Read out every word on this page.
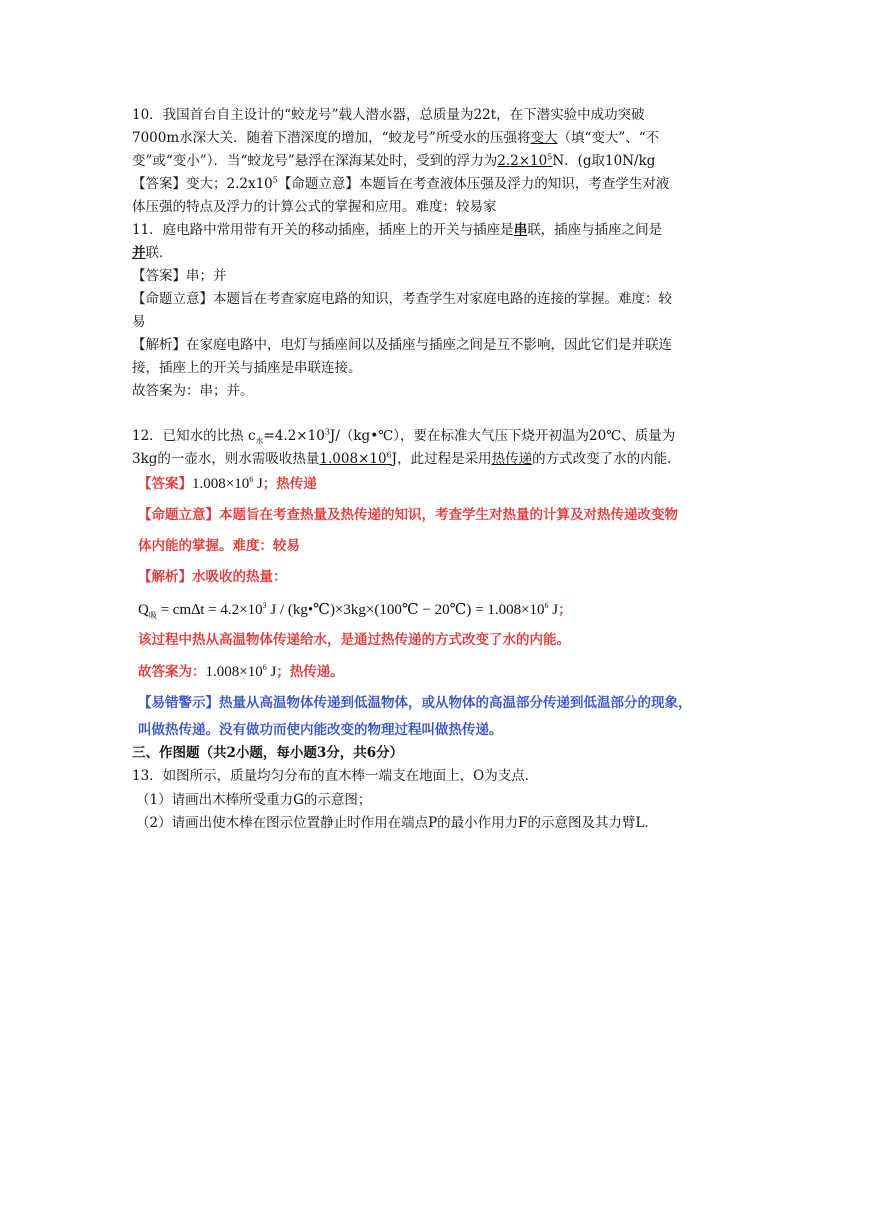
10．我国首台自主设计的“蛟龙号”载人潜水器，总质量为22t，在下潜实验中成功突破
7000m水深大关．随着下潜深度的增加，“蛟龙号”所受水的压强将变大（填“变大”、“不
变”或“变小”）．当“蛟龙号”悬浮在深海某处时，受到的浮力为$2.2\times 10^5N$．(g取10N/kg
【答案】变大；$2.2x10^5$【命题立意】本题旨在考查液体压强及浮力的知识，考查学生对液
体压强的特点及浮力的计算公式的掌握和应用。难度：较易家
11．庭电路中常用带有开关的移动插座，插座上的开关与插座是串联，插座与插座之间是
并联．
【答案】串；并
【命题立意】本题旨在考查家庭电路的知识，考查学生对家庭电路的连接的掌握。难度：较
易
【解析】在家庭电路中，电灯与插座间以及插座与插座之间是互不影响，因此它们是并联连
接，插座上的开关与插座是串联连接。
故答案为：串；并。
12．已知水的比热 $c_水=4.2\times 10^3J/(kg•℃)$，要在标准大气压下烧开初温为20℃、质量为
3kg的一壶水，则水需吸收热量$1.008\times 10^6J$，此过程是采用热传递的方式改变了水的内能．
【答案】$1.008\times 10^6$ J；热传递
【命题立意】本题旨在考查热量及热传递的知识，考查学生对热量的计算及对热传递改变物
体内能的掌握。难度：较易
【解析】水吸收的热量：
$Q_吸 = cm\Delta t = 4.2\times 10^3$ J / (kg•℃)×3kg×(100℃ − 20℃) = $1.008\times 10^6$ J；
该过程中热从高温物体传递给水，是通过热传递的方式改变了水的内能。
故答案为：$1.008\times 10^6$ J；热传递。
【易错警示】热量从高温物体传递到低温物体，或从物体的高温部分传递到低温部分的现象，
叫做热传递。没有做功而使内能改变的物理过程叫做热传递。
三、作图题（共2小题，每小题3分，共6分）
13．如图所示，质量均匀分布的直木棒一端支在地面上，O为支点．
（1）请画出木棒所受重力G的示意图；
（2）请画出使木棒在图示位置静止时作用在端点P的最小作用力F的示意图及其力臂L．
